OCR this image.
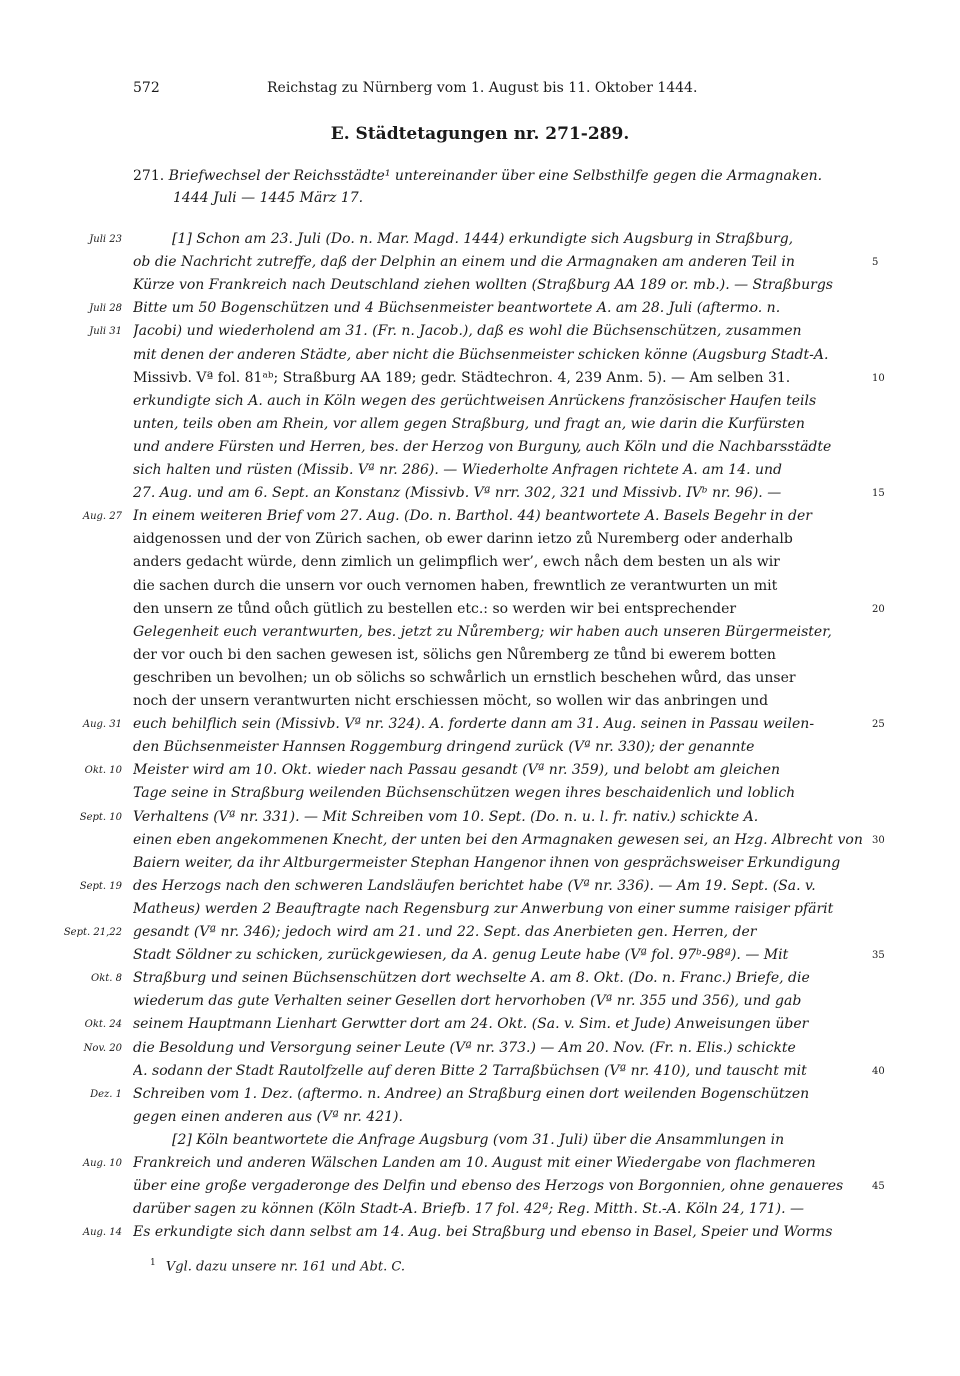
572	Reichstag zu Nürnberg vom 1. August bis 11. Oktober 1444.
E. Städtetagungen nr. 271-289.
271. Briefwechsel der Reichsstädte¹ untereinander über eine Selbsthilfe gegen die Armagnaken.
1444 Juli — 1445 März 17.
[1] Schon am 23. Juli (Do. n. Mar. Magd. 1444) erkundigte sich Augsburg in Straßburg,
Juli 23
ob die Nachricht zutreffe, daß der Delphin an einem und die Armagnaken am anderen Teil in	5
Kürze von Frankreich nach Deutschland ziehen wollten (Straßburg AA 189 or. mb.). — Straßburgs
Bitte um 50 Bogenschützen und 4 Büchsenmeister beantwortete A. am 28. Juli (aftermo. n.
Juli 28
Jacobi) und wiederholend am 31. (Fr. n. Jacob.), daß es wohl die Büchsenschützen, zusammen
Juli 31
mit denen der anderen Städte, aber nicht die Büchsenmeister schicken könne (Augsburg Stadt-A.
Missivb. Vª fol. 81ᵃᵇ; Straßburg AA 189; gedr. Städtechron. 4, 239 Anm. 5). — Am selben 31.	10
erkundigte sich A. auch in Köln wegen des gerüchtweisen Anrückens französischer Haufen teils
unten, teils oben am Rhein, vor allem gegen Straßburg, und fragt an, wie darin die Kurfürsten
und andere Fürsten und Herren, bes. der Herzog von Burguny, auch Köln und die Nachbarsstädte
sich halten und rüsten (Missib. Vª nr. 286). — Wiederholte Anfragen richtete A. am 14. und
27. Aug. und am 6. Sept. an Konstanz (Missivb. Vª nrr. 302, 321 und Missivb. IVᵇ nr. 96). —	15
In einem weiteren Brief vom 27. Aug. (Do. n. Barthol. 44) beantwortete A. Basels Begehr in der
Aug. 27
aidgenossen und der von Zürich sachen, ob ewer darinn ietzo zů Nuremberg oder anderhalb
anders gedacht würde, denn zimlich un gelimpflich wer’, ewch nåch dem besten un als wir
die sachen durch die unsern vor ouch vernomen haben, frewntlich ze verantwurten un mit
den unsern ze tůnd oůch gütlich zu bestellen etc.: so werden wir bei entsprechender	20
Gelegenheit euch verantwurten, bes. jetzt zu Nůremberg; wir haben auch unseren Bürgermeister,
der vor ouch bi den sachen gewesen ist, sölichs gen Nůremberg ze tůnd bi ewerem botten
geschriben un bevolhen; un ob sölichs so schwårlich un ernstlich beschehen wůrd, das unser
noch der unsern verantwurten nicht erschiessen möcht, so wollen wir das anbringen und
euch behilflich sein (Missivb. Vª nr. 324). A. forderte dann am 31. Aug. seinen in Passau weilen-
Aug. 31	25
den Büchsenmeister Hannsen Roggemburg dringend zurück (Vª nr. 330); der genannte
Meister wird am 10. Okt. wieder nach Passau gesandt (Vª nr. 359), und belobt am gleichen
Okt. 10
Tage seine in Straßburg weilenden Büchsenschützen wegen ihres beschaidenlich und loblich
Verhaltens (Vª nr. 331). — Mit Schreiben vom 10. Sept. (Do. n. u. l. fr. nativ.) schickte A.
Sept. 10
einen eben angekommenen Knecht, der unten bei den Armagnaken gewesen sei, an Hzg. Albrecht von 30
Baiern weiter, da ihr Altburgermeister Stephan Hangenor ihnen von gesprächsweiser Erkundigung
des Herzogs nach den schweren Landsläufen berichtet habe (Vª nr. 336). — Am 19. Sept. (Sa. v.
Sept. 19
Matheus) werden 2 Beauftragte nach Regensburg zur Anwerbung von einer summe raisiger pfärit
gesandt (Vª nr. 346); jedoch wird am 21. und 22. Sept. das Anerbieten gen. Herren, der
Sept. 21,22
Stadt Söldner zu schicken, zurückgewiesen, da A. genug Leute habe (Vª fol. 97ᵇ-98ª). — Mit	35
Straßburg und seinen Büchsenschützen dort wechselte A. am 8. Okt. (Do. n. Franc.) Briefe, die
Okt. 8
wiederum das gute Verhalten seiner Gesellen dort hervorhoben (Vª nr. 355 und 356), und gab
seinem Hauptmann Lienhart Gerwtter dort am 24. Okt. (Sa. v. Sim. et Jude) Anweisungen über
Okt. 24
die Besoldung und Versorgung seiner Leute (Vª nr. 373.) — Am 20. Nov. (Fr. n. Elis.) schickte
Nov. 20
A. sodann der Stadt Rautolfzelle auf deren Bitte 2 Tarraßbüchsen (Vª nr. 410), und tauscht mit	40
Schreiben vom 1. Dez. (aftermo. n. Andree) an Straßburg einen dort weilenden Bogenschützen
Dez. 1
gegen einen anderen aus (Vª nr. 421).
[2] Köln beantwortete die Anfrage Augsburg (vom 31. Juli) über die Ansammlungen in
Frankreich und anderen Wälschen Landen am 10. August mit einer Wiedergabe von flachmeren
Aug. 10
über eine große vergaderonge des Delfin und ebenso des Herzogs von Borgonnien, ohne genaueres	45
darüber sagen zu können (Köln Stadt-A. Briefb. 17 fol. 42ª; Reg. Mitth. St.-A. Köln 24, 171). —
Es erkundigte sich dann selbst am 14. Aug. bei Straßburg und ebenso in Basel, Speier und Worms
Aug. 14
$^1$ Vgl. dazu unsere nr. 161 und Abt. C.
